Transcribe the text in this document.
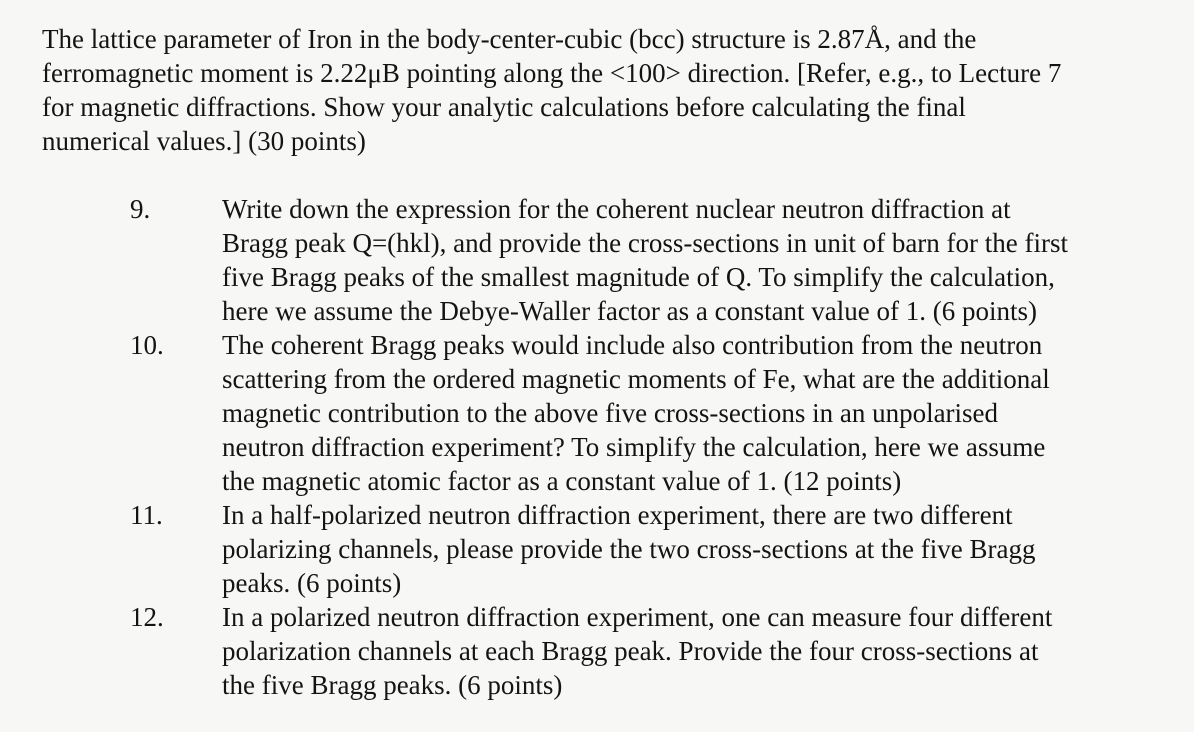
The lattice parameter of Iron in the body-center-cubic (bcc) structure is 2.87Å, and the
ferromagnetic moment is 2.22μB pointing along the <100> direction. [Refer, e.g., to Lecture 7
for magnetic diffractions. Show your analytic calculations before calculating the final
numerical values.] (30 points)

9.	Write down the expression for the coherent nuclear neutron diffraction at
Bragg peak Q=(hkl), and provide the cross-sections in unit of barn for the first
five Bragg peaks of the smallest magnitude of Q. To simplify the calculation,
here we assume the Debye-Waller factor as a constant value of 1. (6 points)
10.	The coherent Bragg peaks would include also contribution from the neutron
scattering from the ordered magnetic moments of Fe, what are the additional
magnetic contribution to the above five cross-sections in an unpolarised
neutron diffraction experiment? To simplify the calculation, here we assume
the magnetic atomic factor as a constant value of 1. (12 points)
11.	In a half-polarized neutron diffraction experiment, there are two different
polarizing channels, please provide the two cross-sections at the five Bragg
peaks. (6 points)
12.	In a polarized neutron diffraction experiment, one can measure four different
polarization channels at each Bragg peak. Provide the four cross-sections at
the five Bragg peaks. (6 points)
